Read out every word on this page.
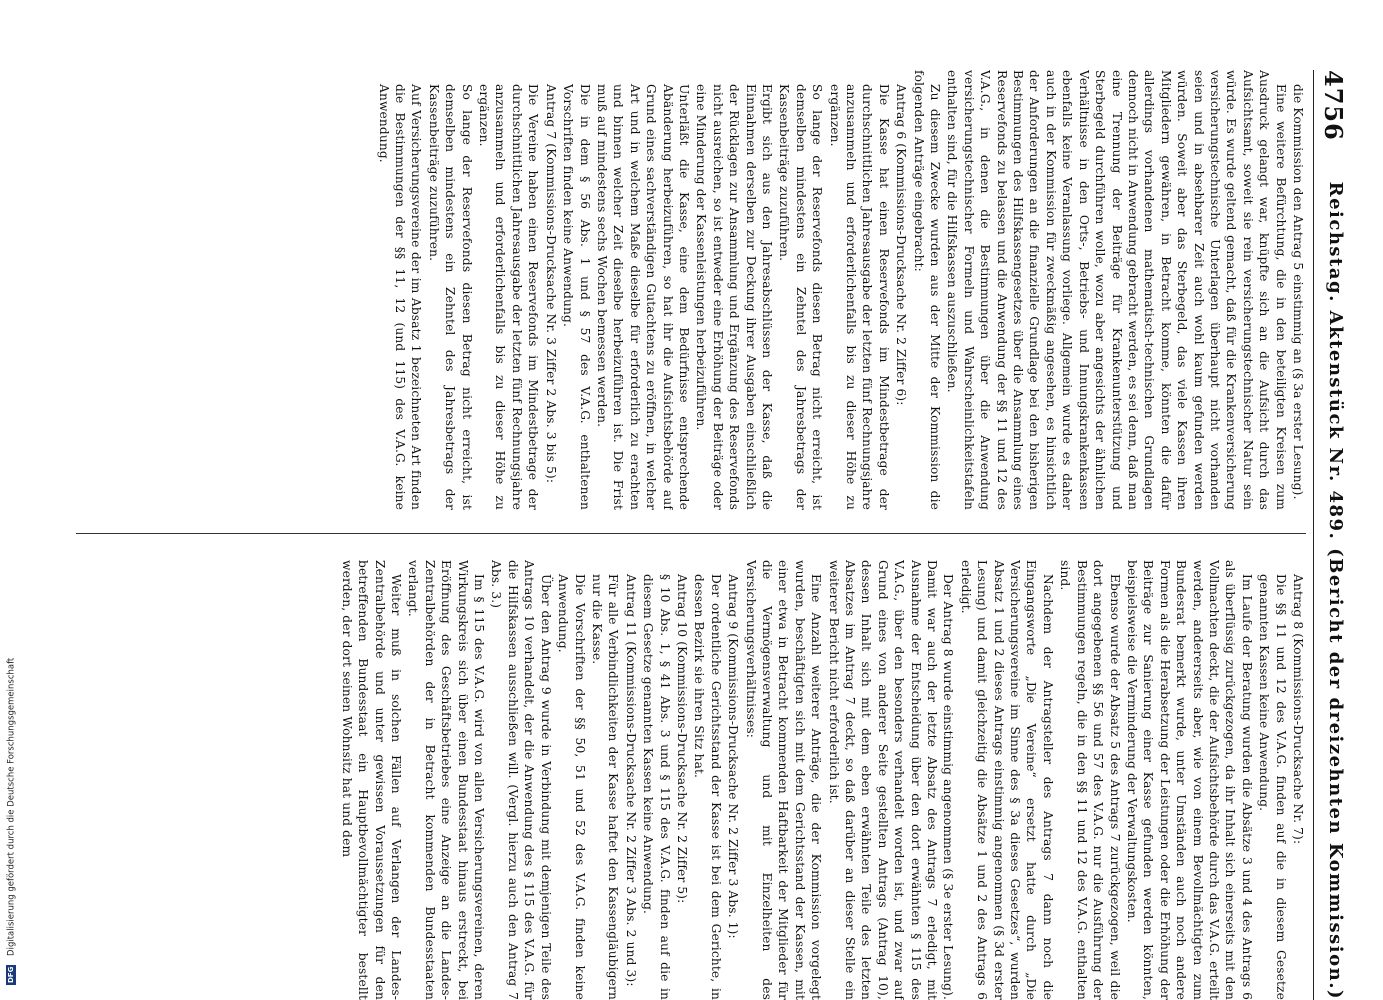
4756
Reichstag. Aktenstück Nr. 489. (Bericht der dreizehnten Kommission.)

die Kommission den Antrag 5 einstimmig an (§ 3a erster Lesung).

Eine weitere Befürchtung, die in den beteiligten Kreisen zum Ausdruck gelangt war, knüpfte sich an die Aufsicht durch das Aufsichtsamt, soweit sie rein versicherungstechnischer Natur sein würde. Es wurde geltend gemacht, daß für die Krankenversicherung versicherungstechnische Unterlagen überhaupt nicht vorhanden seien und in absehbarer Zeit auch wohl kaum gefunden werden würden. Soweit aber das Sterbegeld, das viele Kassen ihren Mitgliedern gewähren, in Betracht komme, könnten die dafür allerdings vorhandenen mathematisch-technischen Grundlagen dennoch nicht in Anwendung gebracht werden, es sei denn, daß man eine Trennung der Beiträge für Krankenunterstützung und Sterbegeld durchführen wolle, wozu aber angesichts der ähnlichen Verhältnisse in den Orts-, Betriebs- und Innungskrankenkassen ebenfalls keine Veranlassung vorliege. Allgemein wurde es daher auch in der Kommission für zweckmäßig angesehen, es hinsichtlich der Anforderungen an die finanzielle Grundlage bei den bisherigen Bestimmungen des Hilfskassengesetzes über die Ansammlung eines Reservefonds zu belassen und die Anwendung der §§ 11 und 12 des V.A.G., in denen die Bestimmungen über die Anwendung versicherungstechnischer Formeln und Wahrscheinlichkeitstafeln enthalten sind, für die Hilfskassen auszuschließen.

Zu diesem Zwecke wurden aus der Mitte der Kommission die folgenden Anträge eingebracht:

Antrag 6 (Kommissions-Drucksache Nr. 2 Ziffer 6):

Die Kasse hat einen Reservefonds im Mindestbetrage der durchschnittlichen Jahresausgabe der letzten fünf Rechnungsjahre anzusammeln und erforderlichenfalls bis zu dieser Höhe zu ergänzen.

So lange der Reservefonds diesen Betrag nicht erreicht, ist demselben mindestens ein Zehntel des Jahresbetrags der Kassenbeiträge zuzuführen.

Ergibt sich aus den Jahresabschlüssen der Kasse, daß die Einnahmen derselben zur Deckung ihrer Ausgaben einschließlich der Rücklagen zur Ansammlung und Ergänzung des Reservefonds nicht ausreichen, so ist entweder eine Erhöhung der Beiträge oder eine Minderung der Kassenleistungen herbeizuführen.

Unterläßt die Kasse, eine dem Bedürfnisse entsprechende Abänderung herbeizuführen, so hat ihr die Aufsichtsbehörde auf Grund eines sachverständigen Gutachtens zu eröffnen, in welcher Art und in welchem Maße dieselbe für erforderlich zu erachten und binnen welcher Zeit dieselbe herbeizuführen ist. Die Frist muß auf mindestens sechs Wochen bemessen werden.

Die in dem § 56 Abs. 1 und § 57 des V.A.G. enthaltenen Vorschriften finden keine Anwendung.

Antrag 7 (Kommissions-Drucksache Nr. 3 Ziffer 2 Abs. 3 bis 5):

Die Vereine haben einen Reservefonds im Mindestbetrage der durchschnittlichen Jahresausgabe der letzten fünf Rechnungsjahre anzusammeln und erforderlichenfalls bis zu dieser Höhe zu ergänzen.

So lange der Reservefonds diesen Betrag nicht erreicht, ist demselben mindestens ein Zehntel des Jahresbetrags der Kassenbeiträge zuzuführen.

Auf Versicherungsvereine der im Absatz 1 bezeichneten Art finden die Bestimmungen der §§ 11, 12 (und 115) des V.A.G. keine Anwendung.

Antrag 8 (Kommissions-Drucksache Nr. 7):

Die §§ 11 und 12 des V.A.G. finden auf die in diesem Gesetze genannten Kassen keine Anwendung.

Im Laufe der Beratung wurden die Absätze 3 und 4 des Antrags 6 als überflüssig zurückgezogen, da ihr Inhalt sich einerseits mit den Vollmachten deckt, die der Aufsichtsbehörde durch das V.A.G. erteilt werden, andererseits aber, wie von einem Bevollmächtigten zum Bundesrat bemerkt wurde, unter Umständen auch noch andere Formen als die Herabsetzung der Leistungen oder die Erhöhung der Beiträge zur Sanierung einer Kasse gefunden werden könnten, beispielsweise die Verminderung der Verwaltungskosten.

Ebenso wurde der Absatz 5 des Antrags 7 zurückgezogen, weil die dort angegebenen §§ 56 und 57 des V.A.G. nur die Ausführung der Bestimmungen regeln, die in den §§ 11 und 12 des V.A.G. enthalten sind.

Nachdem der Antragsteller des Antrags 7 dann noch die Eingangsworte „Die Vereine“ ersetzt hatte durch „Die Versicherungsvereine im Sinne des § 3a dieses Gesetzes“, wurden Absatz 1 und 2 dieses Antrags einstimmig angenommen (§ 3d erster Lesung) und damit gleichzeitig die Absätze 1 und 2 des Antrags 6 erledigt.

Der Antrag 8 wurde einstimmig angenommen (§ 3e erster Lesung). Damit war auch der letzte Absatz des Antrags 7 erledigt, mit Ausnahme der Entscheidung über den dort erwähnten § 115 des V.A.G., über den besonders verhandelt worden ist, und zwar auf Grund eines von anderer Seite gestellten Antrags (Antrag 10), dessen Inhalt sich mit dem eben erwähnten Teile des letzten Absatzes im Antrag 7 deckt, so daß darüber an dieser Stelle ein weiterer Bericht nicht erforderlich ist.

Eine Anzahl weiterer Anträge, die der Kommission vorgelegt wurden, beschäftigten sich mit dem Gerichtsstand der Kassen, mit einer etwa in Betracht kommenden Haftbarkeit der Mitglieder für die Vermögensverwaltung und mit Einzelheiten des Versicherungsverhältnisses:

Antrag 9 (Kommissions-Drucksache Nr. 2 Ziffer 3 Abs. 1):

Der ordentliche Gerichtsstand der Kasse ist bei dem Gerichte, in dessen Bezirk sie ihren Sitz hat.

Antrag 10 (Kommissions-Drucksache Nr. 2 Ziffer 5):

§ 10 Abs. 1, § 41 Abs. 3 und § 115 des V.A.G. finden auf die in diesem Gesetze genannten Kassen keine Anwendung.

Antrag 11 (Kommissions-Drucksache Nr. 2 Ziffer 3 Abs. 2 und 3):

Für alle Verbindlichkeiten der Kasse haftet den Kassengläubigern nur die Kasse.

Die Vorschriften der §§ 50, 51 und 52 des V.A.G. finden keine Anwendung.

Über den Antrag 9 wurde in Verbindung mit demjenigen Teile des Antrags 10 verhandelt, der die Anwendung des § 115 des V.A.G. für die Hilfskassen ausschließen will. (Vergl. hierzu auch den Antrag 7 Abs. 3.)

Im § 115 des V.A.G. wird von allen Versicherungsvereinen, deren Wirkungskreis sich über einen Bundesstaat hinaus erstreckt, bei Eröffnung des Geschäftsbetriebes eine Anzeige an die Landes-Zentralbehörden der in Betracht kommenden Bundesstaaten verlangt.

Weiter muß in solchen Fällen auf Verlangen der Landes-Zentralbehörde und unter gewissen Voraussetzungen für den betreffenden Bundesstaat ein Hauptbevollmächtigter bestellt werden, der dort seinen Wohnsitz hat und dem

DFG Digitalisierung gefördert durch die Deutsche Forschungsgemeinschaft
